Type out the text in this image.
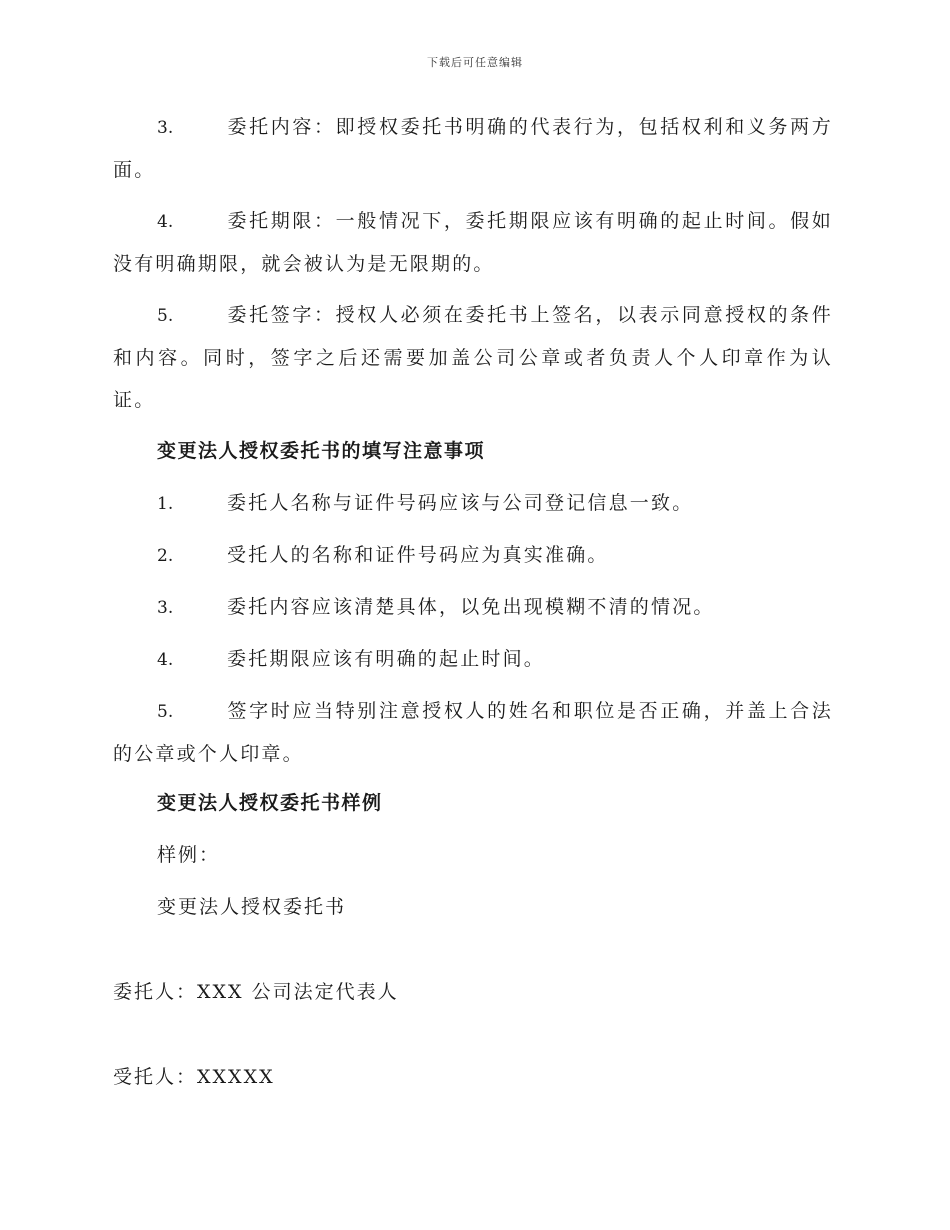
下载后可任意编辑

3.	委托内容：即授权委托书明确的代表行为，包括权利和义务两方面。

4.	委托期限：一般情况下，委托期限应该有明确的起止时间。假如没有明确期限，就会被认为是无限期的。

5.	委托签字：授权人必须在委托书上签名，以表示同意授权的条件和内容。同时，签字之后还需要加盖公司公章或者负责人个人印章作为认证。

变更法人授权委托书的填写注意事项

1.	委托人名称与证件号码应该与公司登记信息一致。

2.	受托人的名称和证件号码应为真实准确。

3.	委托内容应该清楚具体，以免出现模糊不清的情况。

4.	委托期限应该有明确的起止时间。

5.	签字时应当特别注意授权人的姓名和职位是否正确，并盖上合法的公章或个人印章。

变更法人授权委托书样例

样例：

变更法人授权委托书

委托人：XXX 公司法定代表人

受托人：XXXXX
